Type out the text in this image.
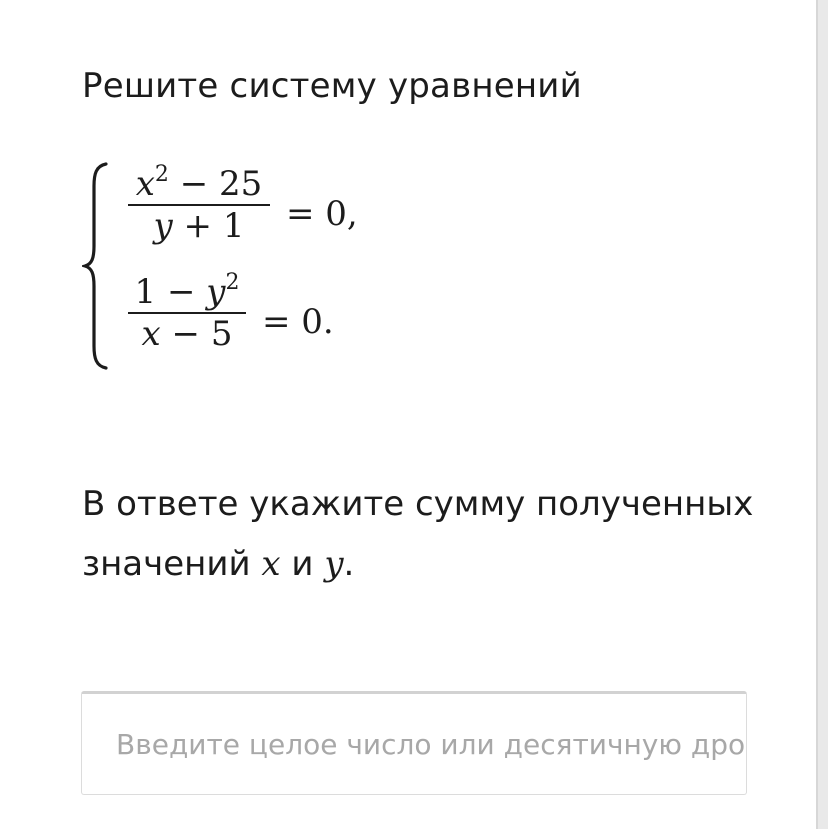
Решите систему уравнений
$x^2 - 25$
y + 1	= 0,
$1 - y^2$
x − 5 = 0.

В ответе укажите сумму полученных значений x и y.

Введите целое число или десятичную дробь
